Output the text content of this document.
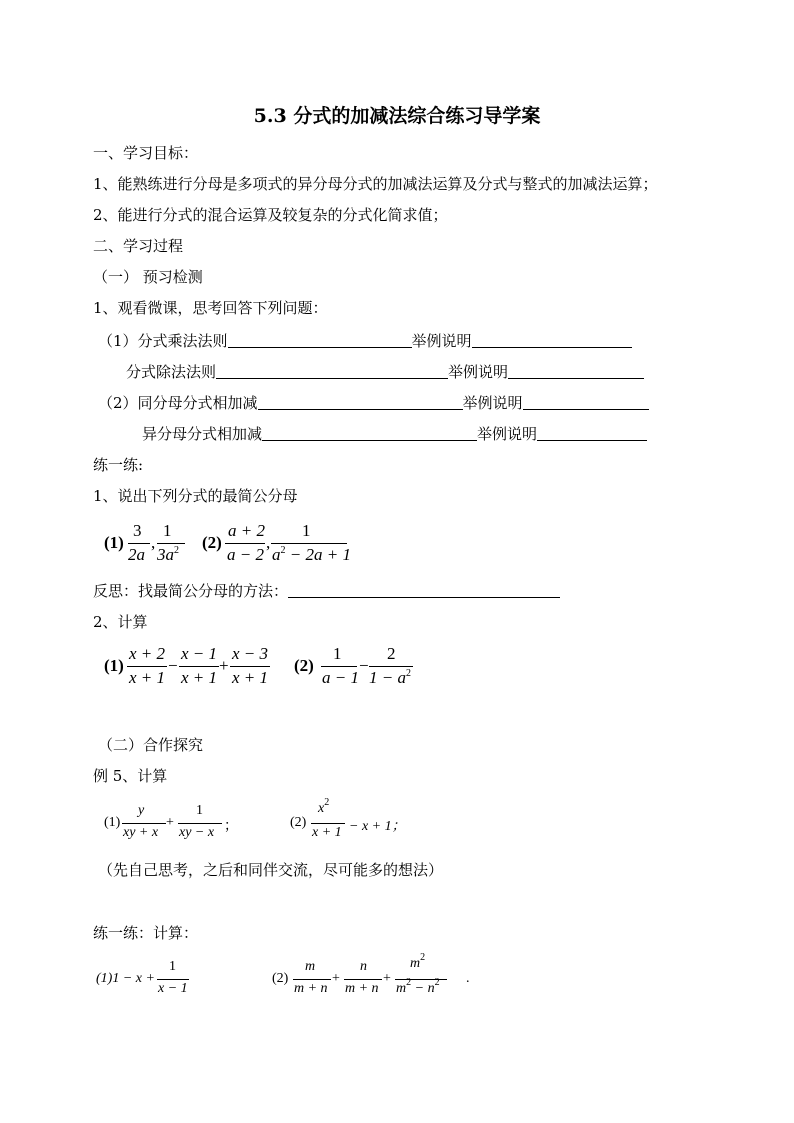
5.3 分式的加减法综合练习导学案
一、学习目标：
1、能熟练进行分母是多项式的异分母分式的加减法运算及分式与整式的加减法运算；
2、能进行分式的混合运算及较复杂的分式化简求值；
二、学习过程
（一） 预习检测
1、观看微课，思考回答下列问题：
（1）分式乘法法则	举例说明
分式除法法则	举例说明
（2）同分母分式相加减	举例说明
异分母分式相加减	举例说明
练一练:
1、说出下列分式的最简公分母
(1)
3
2a
,
1
$3a^2$ (2)
a + 2
a − 2
,
1
$a^2 - 2a + 1$
反思：找最简公分母的方法：
2、计算
(1)
x + 2
x + 1
−
x − 1
x + 1
+
x − 3
x + 1
(2)
1
a − 1
−
2
$1 - a^2$
（二）合作探究
例 5、计算
(1)
y
xy + x
+
1
xy − x ；	(2)
$x^2$
x + 1 − x + 1；
（先自己思考，之后和同伴交流，尽可能多的想法）
练一练：计算：
(1)1 − x +
1
x − 1
(2)
m
m + n
+
n
m + n
+
$m^2$
$m^2 - n^2$ .
